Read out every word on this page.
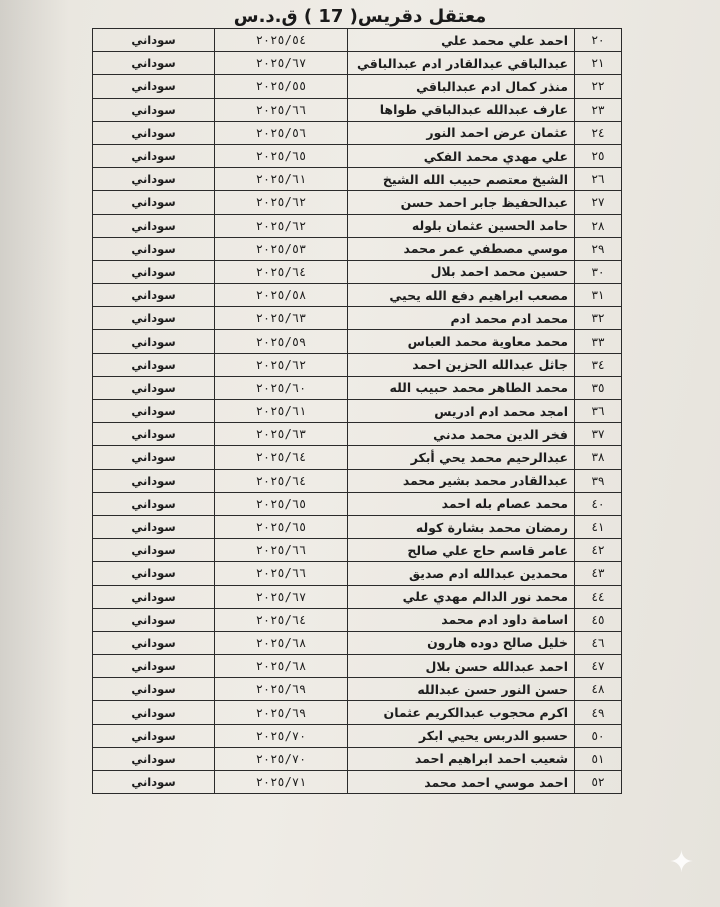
معتقل دقريس( 17 ) ق.د.س
٢٠	احمد علي محمد علي	٢٠٢٥/٥٤	سوداني
٢١	عبدالباقي عبدالقادر ادم عبدالباقي	٢٠٢٥/٦٧	سوداني
٢٢	منذر كمال ادم عبدالباقي	٢٠٢٥/٥٥	سوداني
٢٣	عارف عبدالله عبدالباقي طواها	٢٠٢٥/٦٦	سوداني
٢٤	عثمان عرض احمد النور	٢٠٢٥/٥٦	سوداني
٢٥	علي مهدي محمد الفكي	٢٠٢٥/٦٥	سوداني
٢٦	الشيخ معتصم حبيب الله الشيخ	٢٠٢٥/٦١	سوداني
٢٧	عبدالحفيظ جابر احمد حسن	٢٠٢٥/٦٢	سوداني
٢٨	حامد الحسين عثمان بلوله	٢٠٢٥/٦٢	سوداني
٢٩	موسي مصطفي عمر محمد	٢٠٢٥/٥٣	سوداني
٣٠	حسين محمد احمد بلال	٢٠٢٥/٦٤	سوداني
٣١	مصعب ابراهيم دفع الله يحيي	٢٠٢٥/٥٨	سوداني
٣٢	محمد ادم محمد ادم	٢٠٢٥/٦٣	سوداني
٣٣	محمد معاوية محمد العباس	٢٠٢٥/٥٩	سوداني
٣٤	جاثل عبدالله الحزين احمد	٢٠٢٥/٦٢	سوداني
٣٥	محمد الطاهر محمد حبيب الله	٢٠٢٥/٦٠	سوداني
٣٦	امجد محمد ادم ادريس	٢٠٢٥/٦١	سوداني
٣٧	فخر الدين محمد مدني	٢٠٢٥/٦٣	سوداني
٣٨	عبدالرحيم محمد يحي أبكر	٢٠٢٥/٦٤	سوداني
٣٩	عبدالقادر محمد بشير محمد	٢٠٢٥/٦٤	سوداني
٤٠	محمد عصام بله احمد	٢٠٢٥/٦٥	سوداني
٤١	رمضان محمد بشارة كوله	٢٠٢٥/٦٥	سوداني
٤٢	عامر قاسم حاج علي صالح	٢٠٢٥/٦٦	سوداني
٤٣	محمدين عبدالله ادم صديق	٢٠٢٥/٦٦	سوداني
٤٤	محمد نور الدالم مهدي علي	٢٠٢٥/٦٧	سوداني
٤٥	اسامة داود ادم محمد	٢٠٢٥/٦٤	سوداني
٤٦	خليل صالح دوده هارون	٢٠٢٥/٦٨	سوداني
٤٧	احمد عبدالله حسن بلال	٢٠٢٥/٦٨	سوداني
٤٨	حسن النور حسن عبدالله	٢٠٢٥/٦٩	سوداني
٤٩	اكرم محجوب عبدالكريم عثمان	٢٠٢٥/٦٩	سوداني
٥٠	حسبو الدربس يحيي ابكر	٢٠٢٥/٧٠	سوداني
٥١	شعيب احمد ابراهيم احمد	٢٠٢٥/٧٠	سوداني
٥٢	احمد موسي احمد محمد	٢٠٢٥/٧١	سوداني
✦
